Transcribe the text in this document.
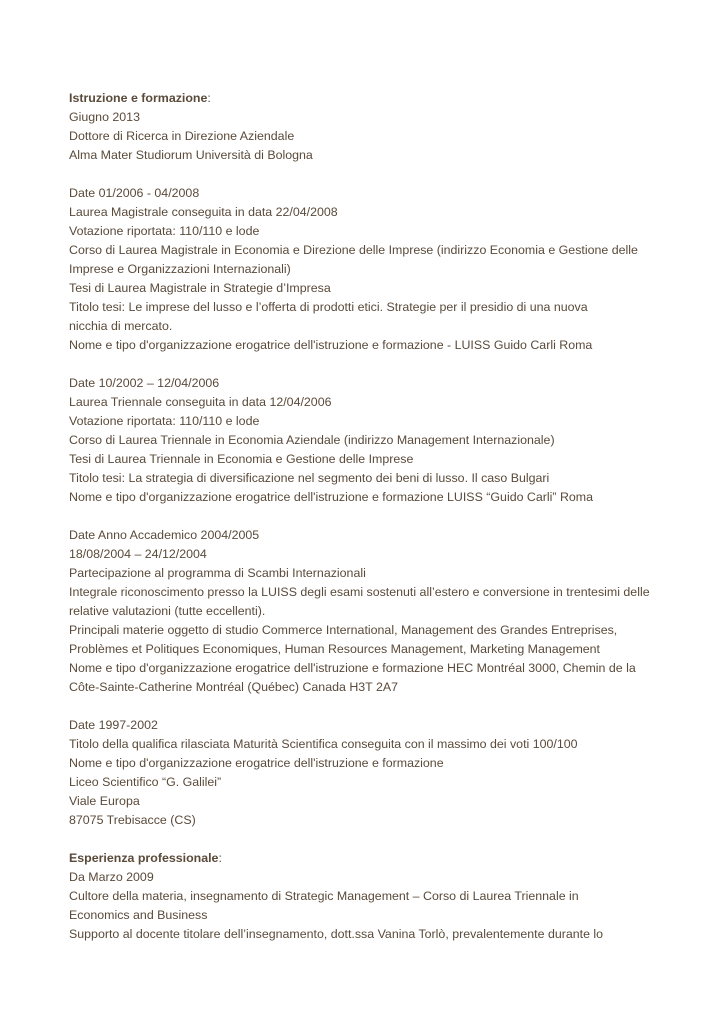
Istruzione e formazione:
Giugno 2013
Dottore di Ricerca in Direzione Aziendale
Alma Mater Studiorum Università di Bologna
Date 01/2006 - 04/2008
Laurea Magistrale conseguita in data 22/04/2008
Votazione riportata: 110/110 e lode
Corso di Laurea Magistrale in Economia e Direzione delle Imprese (indirizzo Economia e Gestione delle
Imprese e Organizzazioni Internazionali)
Tesi di Laurea Magistrale in Strategie d’Impresa
Titolo tesi: Le imprese del lusso e l’offerta di prodotti etici. Strategie per il presidio di una nuova
nicchia di mercato.
Nome e tipo d'organizzazione erogatrice dell'istruzione e formazione - LUISS Guido Carli Roma
Date 10/2002 – 12/04/2006
Laurea Triennale conseguita in data 12/04/2006
Votazione riportata: 110/110 e lode
Corso di Laurea Triennale in Economia Aziendale (indirizzo Management Internazionale)
Tesi di Laurea Triennale in Economia e Gestione delle Imprese
Titolo tesi: La strategia di diversificazione nel segmento dei beni di lusso. Il caso Bulgari
Nome e tipo d'organizzazione erogatrice dell'istruzione e formazione LUISS “Guido Carli” Roma
Date Anno Accademico 2004/2005
18/08/2004 – 24/12/2004
Partecipazione al programma di Scambi Internazionali
Integrale riconoscimento presso la LUISS degli esami sostenuti all’estero e conversione in trentesimi delle
relative valutazioni (tutte eccellenti).
Principali materie oggetto di studio Commerce International, Management des Grandes Entreprises,
Problèmes et Politiques Economiques, Human Resources Management, Marketing Management
Nome e tipo d'organizzazione erogatrice dell'istruzione e formazione HEC Montréal 3000, Chemin de la
Côte-Sainte-Catherine Montréal (Québec) Canada H3T 2A7
Date 1997-2002
Titolo della qualifica rilasciata Maturità Scientifica conseguita con il massimo dei voti 100/100
Nome e tipo d'organizzazione erogatrice dell'istruzione e formazione
Liceo Scientifico “G. Galilei”
Viale Europa
87075 Trebisacce (CS)
Esperienza professionale:
Da Marzo 2009
Cultore della materia, insegnamento di Strategic Management – Corso di Laurea Triennale in
Economics and Business
Supporto al docente titolare dell’insegnamento, dott.ssa Vanina Torlò, prevalentemente durante lo
